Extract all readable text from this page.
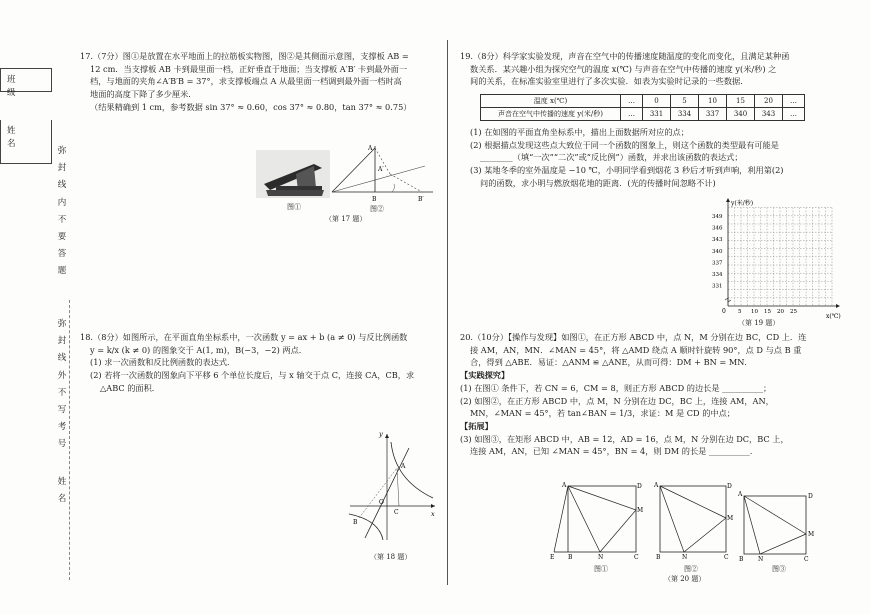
班 级
姓 名
弥
封
线
内
不
要
答
题
弥
封
线
外
不
写
考
号
姓
名

17.（7分）图①是放置在水平地面上的拉筋板实物图，图②是其侧面示意图，支撑板 AB =

12 cm．当支撑板 AB 卡到最里面一档，正好垂直于地面；当支撑板 A′B′ 卡到最外面一

档，与地面的夹角∠A′B′B = 37°，求支撑板端点 A 从最里面一档调到最外面一档时高

地面的高度下降了多少厘米．

（结果精确到 1 cm，参考数据 sin 37° ≈ 0.60，cos 37° ≈ 0.80，tan 37° ≈ 0.75）

图①
A
A′
B	B′
图②
（第 17 题）

18.（8分）如图所示，在平面直角坐标系中，一次函数 y = ax + b (a ≠ 0) 与反比例函数

y = k/x (k ≠ 0) 的图象交于 A(1, m)，B(−3，−2) 两点．

(1) 求一次函数和反比例函数的表达式．

(2) 若将一次函数的图象向下平移 6 个单位长度后，与 x 轴交于点 C，连接 CA，CB，求

△ABC 的面积．

y
x
O
A
B
C
（第 18 题）

19.（8分）科学家实验发现，声音在空气中的传播速度随温度的变化而变化，且满足某种函

数关系．某兴趣小组为探究空气的温度 x(℃) 与声音在空气中传播的速度 y(米/秒) 之

间的关系，在标准实验室里进行了多次实验．如表为实验时记录的一些数据．

温度 x(℃)	…	0	5	10	15	20	…
声音在空气中传播的速度 y(米/秒)	…	331	334	337	340	343	…

(1) 在如图的平面直角坐标系中，描出上面数据所对应的点；

(2) 根据描点发现这些点大致位于同一个函数的图象上，则这个函数的类型最有可能是

________（填“一次”“二次”或“反比例”）函数，并求出该函数的表达式；

(3) 某地冬季的室外温度是 −10 ℃，小明同学看到烟花 3 秒后才听到声响，利用第(2)

问的函数，求小明与燃放烟花地的距离．(光的传播时间忽略不计)

y(米/秒)
x(℃)
0
349
346
343
340
337
334
331
5 10 15 20 25
（第 19 题）

20.（10分）【操作与发现】如图①，在正方形 ABCD 中，点 N，M 分别在边 BC，CD 上．连

接 AM，AN，MN．∠MAN = 45°，将 △AMD 绕点 A 顺时针旋转 90°，点 D 与点 B 重

合，得到 △ABE．易证：△ANM ≌ △ANE，从而可得：DM + BN = MN．

【实践探究】

(1) 在图① 条件下，若 CN = 6，CM = 8，则正方形 ABCD 的边长是 __________；

(2) 如图②，在正方形 ABCD 中，点 M，N 分别在边 DC，BC 上，连接 AM，AN，

MN，∠MAN = 45°，若 tan∠BAN = 1/3，求证：M 是 CD 的中点；

【拓展】

(3) 如图③，在矩形 ABCD 中，AB = 12，AD = 16，点 M，N 分别在边 DC，BC 上，

连接 AM，AN，已知 ∠MAN = 45°，BN = 4，则 DM 的长是 __________．

A	D
M
E B	N	C
图①
A	D
M
B	N	C
图②
A	D
M
B N	C
图③
（第 20 题）
